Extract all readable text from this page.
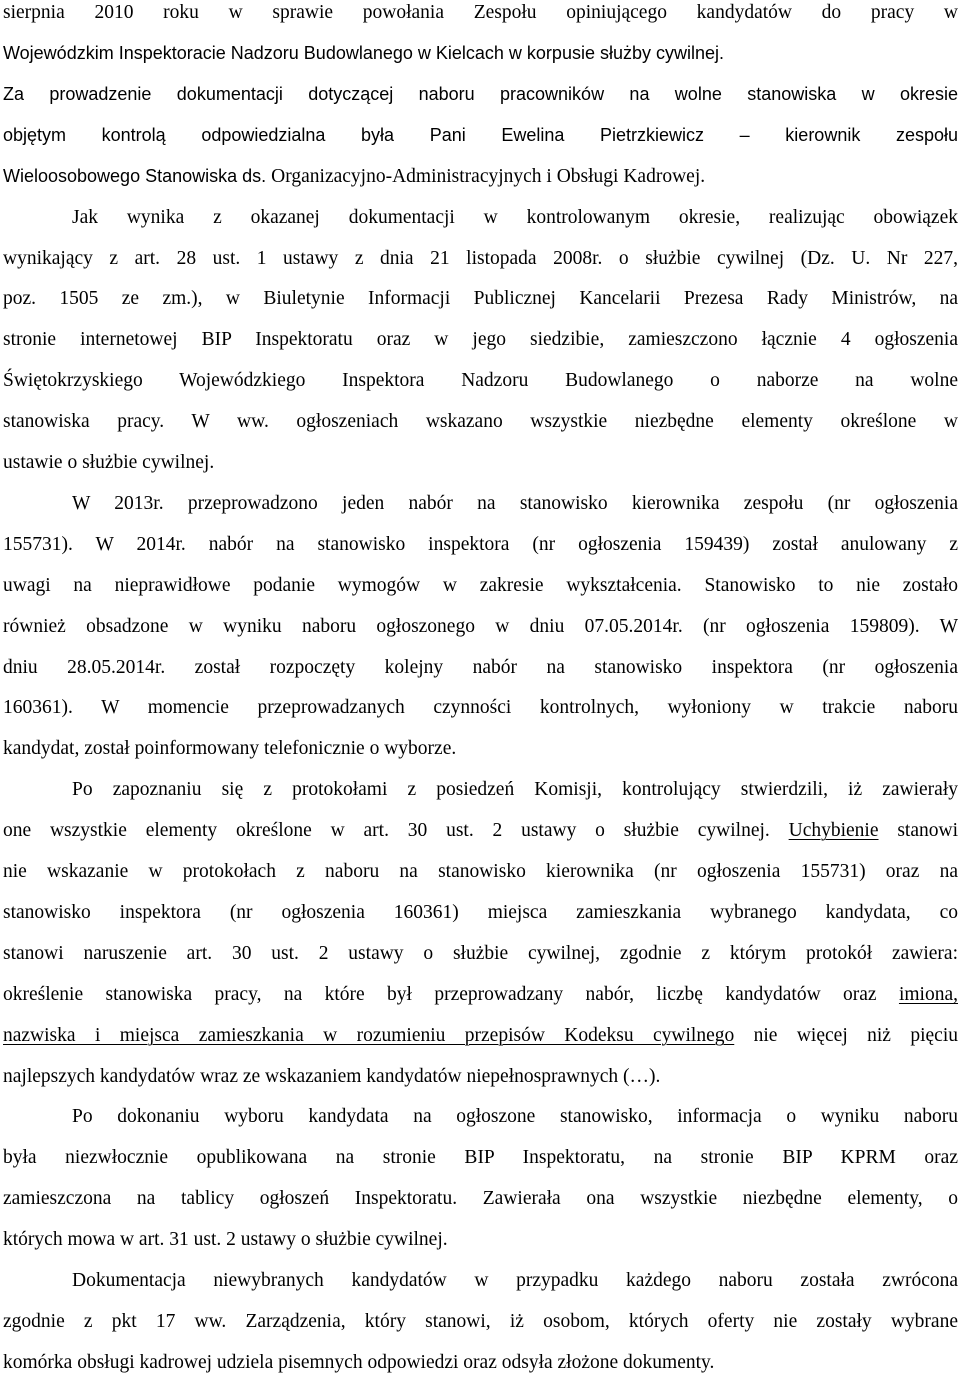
sierpnia 2010 roku w sprawie powołania Zespołu opiniującego kandydatów do pracy w
Wojewódzkim Inspektoracie Nadzoru Budowlanego w Kielcach w korpusie służby cywilnej.
Za prowadzenie dokumentacji dotyczącej naboru pracowników na wolne stanowiska w okresie
objętym kontrolą odpowiedzialna była Pani Ewelina Pietrzkiewicz – kierownik zespołu
Wieloosobowego Stanowiska ds. Organizacyjno-Administracyjnych i Obsługi Kadrowej.
Jak wynika z okazanej dokumentacji w kontrolowanym okresie, realizując obowiązek
wynikający z art. 28 ust. 1 ustawy z dnia 21 listopada 2008r. o służbie cywilnej (Dz. U. Nr 227,
poz. 1505 ze zm.), w Biuletynie Informacji Publicznej Kancelarii Prezesa Rady Ministrów, na
stronie internetowej BIP Inspektoratu oraz w jego siedzibie, zamieszczono łącznie 4 ogłoszenia
Świętokrzyskiego Wojewódzkiego Inspektora Nadzoru Budowlanego o naborze na wolne
stanowiska pracy. W ww. ogłoszeniach wskazano wszystkie niezbędne elementy określone w
ustawie o służbie cywilnej.
W 2013r. przeprowadzono jeden nabór na stanowisko kierownika zespołu (nr ogłoszenia
155731). W 2014r. nabór na stanowisko inspektora (nr ogłoszenia 159439) został anulowany z
uwagi na nieprawidłowe podanie wymogów w zakresie wykształcenia. Stanowisko to nie zostało
również obsadzone w wyniku naboru ogłoszonego w dniu 07.05.2014r. (nr ogłoszenia 159809). W
dniu 28.05.2014r. został rozpoczęty kolejny nabór na stanowisko inspektora (nr ogłoszenia
160361). W momencie przeprowadzanych czynności kontrolnych, wyłoniony w trakcie naboru
kandydat, został poinformowany telefonicznie o wyborze.
Po zapoznaniu się z protokołami z posiedzeń Komisji, kontrolujący stwierdzili, iż zawierały
one wszystkie elementy określone w art. 30 ust. 2 ustawy o służbie cywilnej. Uchybienie stanowi
nie wskazanie w protokołach z naboru na stanowisko kierownika (nr ogłoszenia 155731) oraz na
stanowisko inspektora (nr ogłoszenia 160361) miejsca zamieszkania wybranego kandydata, co
stanowi naruszenie art. 30 ust. 2 ustawy o służbie cywilnej, zgodnie z którym protokół zawiera:
określenie stanowiska pracy, na które był przeprowadzany nabór, liczbę kandydatów oraz imiona,
nazwiska i miejsca zamieszkania w rozumieniu przepisów Kodeksu cywilnego nie więcej niż pięciu
najlepszych kandydatów wraz ze wskazaniem kandydatów niepełnosprawnych (…).
Po dokonaniu wyboru kandydata na ogłoszone stanowisko, informacja o wyniku naboru
była niezwłocznie opublikowana na stronie BIP Inspektoratu, na stronie BIP KPRM oraz
zamieszczona na tablicy ogłoszeń Inspektoratu. Zawierała ona wszystkie niezbędne elementy, o
których mowa w art. 31 ust. 2 ustawy o służbie cywilnej.
Dokumentacja niewybranych kandydatów w przypadku każdego naboru została zwrócona
zgodnie z pkt 17 ww. Zarządzenia, który stanowi, iż osobom, których oferty nie zostały wybrane
komórka obsługi kadrowej udziela pisemnych odpowiedzi oraz odsyła złożone dokumenty.
